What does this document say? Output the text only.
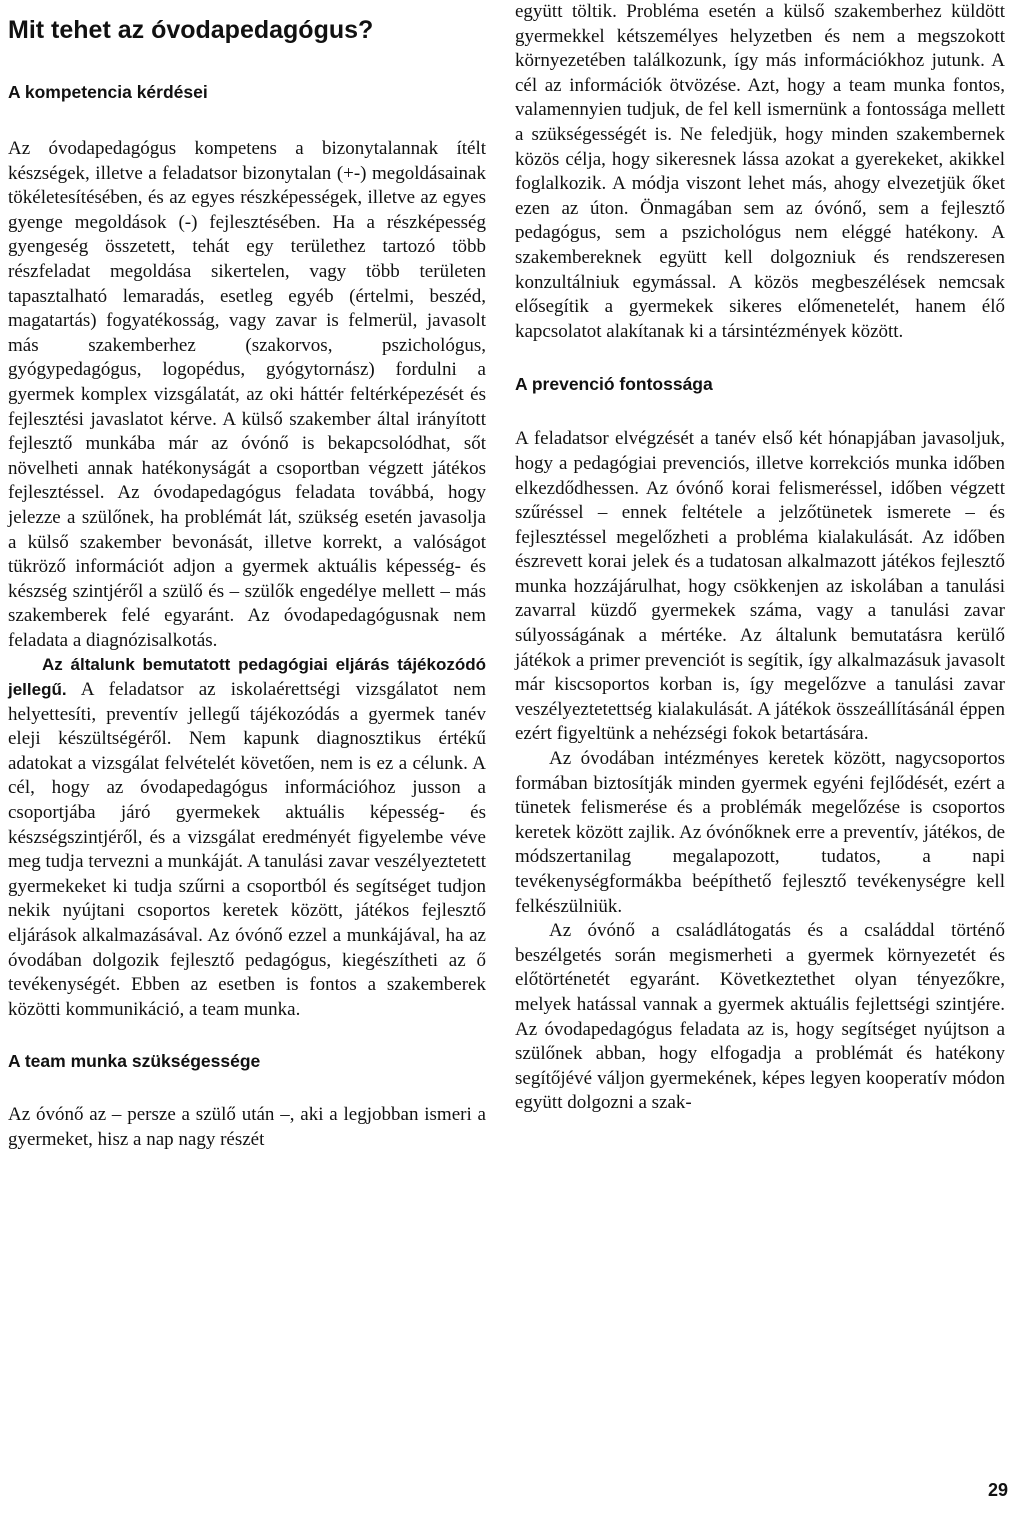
Mit tehet az óvodapedagógus?
A kompetencia kérdései

Az óvodapedagógus kompetens a bizonytalannak ítélt készségek, illetve a feladatsor bizonytalan (+-) megoldásainak tökéletesítésében, és az egyes részképességek, illetve az egyes gyenge megoldások (-) fejlesztésében. Ha a részképesség gyengeség összetett, tehát egy területhez tartozó több részfeladat megoldása sikertelen, vagy több területen tapasztalható lemaradás, esetleg egyéb (értelmi, beszéd, magatartás) fogyatékosság, vagy zavar is felmerül, javasolt más szakemberhez (szakorvos, pszichológus, gyógypedagógus, logopédus, gyógytornász) fordulni a gyermek komplex vizsgálatát, az oki háttér feltérképezését és fejlesztési javaslatot kérve. A külső szakember által irányított fejlesztő munkába már az óvónő is bekapcsolódhat, sőt növelheti annak hatékonyságát a csoportban végzett játékos fejlesztéssel. Az óvodapedagógus feladata továbbá, hogy jelezze a szülőnek, ha problémát lát, szükség esetén javasolja a külső szakember bevonását, illetve korrekt, a valóságot tükröző információt adjon a gyermek aktuális képesség- és készség szintjéről a szülő és – szülők engedélye mellett – más szakemberek felé egyaránt. Az óvodapedagógusnak nem feladata a diagnózisalkotás.

Az általunk bemutatott pedagógiai eljárás tájékozódó jellegű. A feladatsor az iskolaérettségi vizsgálatot nem helyettesíti, preventív jellegű tájékozódás a gyermek tanév eleji készültségéről. Nem kapunk diagnosztikus értékű adatokat a vizsgálat felvételét követően, nem is ez a célunk. A cél, hogy az óvodapedagógus információhoz jusson a csoportjába járó gyermekek aktuális képesség- és készségszintjéről, és a vizsgálat eredményét figyelembe véve meg tudja tervezni a munkáját. A tanulási zavar veszélyeztetett gyermekeket ki tudja szűrni a csoportból és segítséget tudjon nekik nyújtani csoportos keretek között, játékos fejlesztő eljárások alkalmazásával. Az óvónő ezzel a munkájával, ha az óvodában dolgozik fejlesztő pedagógus, kiegészítheti az ő tevékenységét. Ebben az esetben is fontos a szakemberek közötti kommunikáció, a team munka.

A team munka szükségessége

Az óvónő az – persze a szülő után –, aki a legjobban ismeri a gyermeket, hisz a nap nagy részét

együtt töltik. Probléma esetén a külső szakemberhez küldött gyermekkel kétszemélyes helyzetben és nem a megszokott környezetében találkozunk, így más információkhoz jutunk. A cél az információk ötvözése. Azt, hogy a team munka fontos, valamennyien tudjuk, de fel kell ismernünk a fontossága mellett a szükségességét is. Ne feledjük, hogy minden szakembernek közös célja, hogy sikeresnek lássa azokat a gyerekeket, akikkel foglalkozik. A módja viszont lehet más, ahogy elvezetjük őket ezen az úton. Önmagában sem az óvónő, sem a fejlesztő pedagógus, sem a pszichológus nem eléggé hatékony. A szakembereknek együtt kell dolgozniuk és rendszeresen konzultálniuk egymással. A közös megbeszélések nemcsak elősegítik a gyermekek sikeres előmenetelét, hanem élő kapcsolatot alakítanak ki a társintézmények között.

A prevenció fontossága

A feladatsor elvégzését a tanév első két hónapjában javasoljuk, hogy a pedagógiai prevenciós, illetve korrekciós munka időben elkezdődhessen. Az óvónő korai felismeréssel, időben végzett szűréssel – ennek feltétele a jelzőtünetek ismerete – és fejlesztéssel megelőzheti a probléma kialakulását. Az időben észrevett korai jelek és a tudatosan alkalmazott játékos fejlesztő munka hozzájárulhat, hogy csökkenjen az iskolában a tanulási zavarral küzdő gyermekek száma, vagy a tanulási zavar súlyosságának a mértéke. Az általunk bemutatásra kerülő játékok a primer prevenciót is segítik, így alkalmazásuk javasolt már kiscsoportos korban is, így megelőzve a tanulási zavar veszélyeztetettség kialakulását. A játékok összeállításánál éppen ezért figyeltünk a nehézségi fokok betartására.

Az óvodában intézményes keretek között, nagycsoportos formában biztosítják minden gyermek egyéni fejlődését, ezért a tünetek felismerése és a problémák megelőzése is csoportos keretek között zajlik. Az óvónőknek erre a preventív, játékos, de módszertanilag megalapozott, tudatos, a napi tevékenységformákba beépíthető fejlesztő tevékenységre kell felkészülniük.

Az óvónő a családlátogatás és a családdal történő beszélgetés során megismerheti a gyermek környezetét és előtörténetét egyaránt. Következtethet olyan tényezőkre, melyek hatással vannak a gyermek aktuális fejlettségi szintjére. Az óvodapedagógus feladata az is, hogy segítséget nyújtson a szülőnek abban, hogy elfogadja a problémát és hatékony segítőjévé váljon gyermekének, képes legyen kooperatív módon együtt dolgozni a szak-

29
